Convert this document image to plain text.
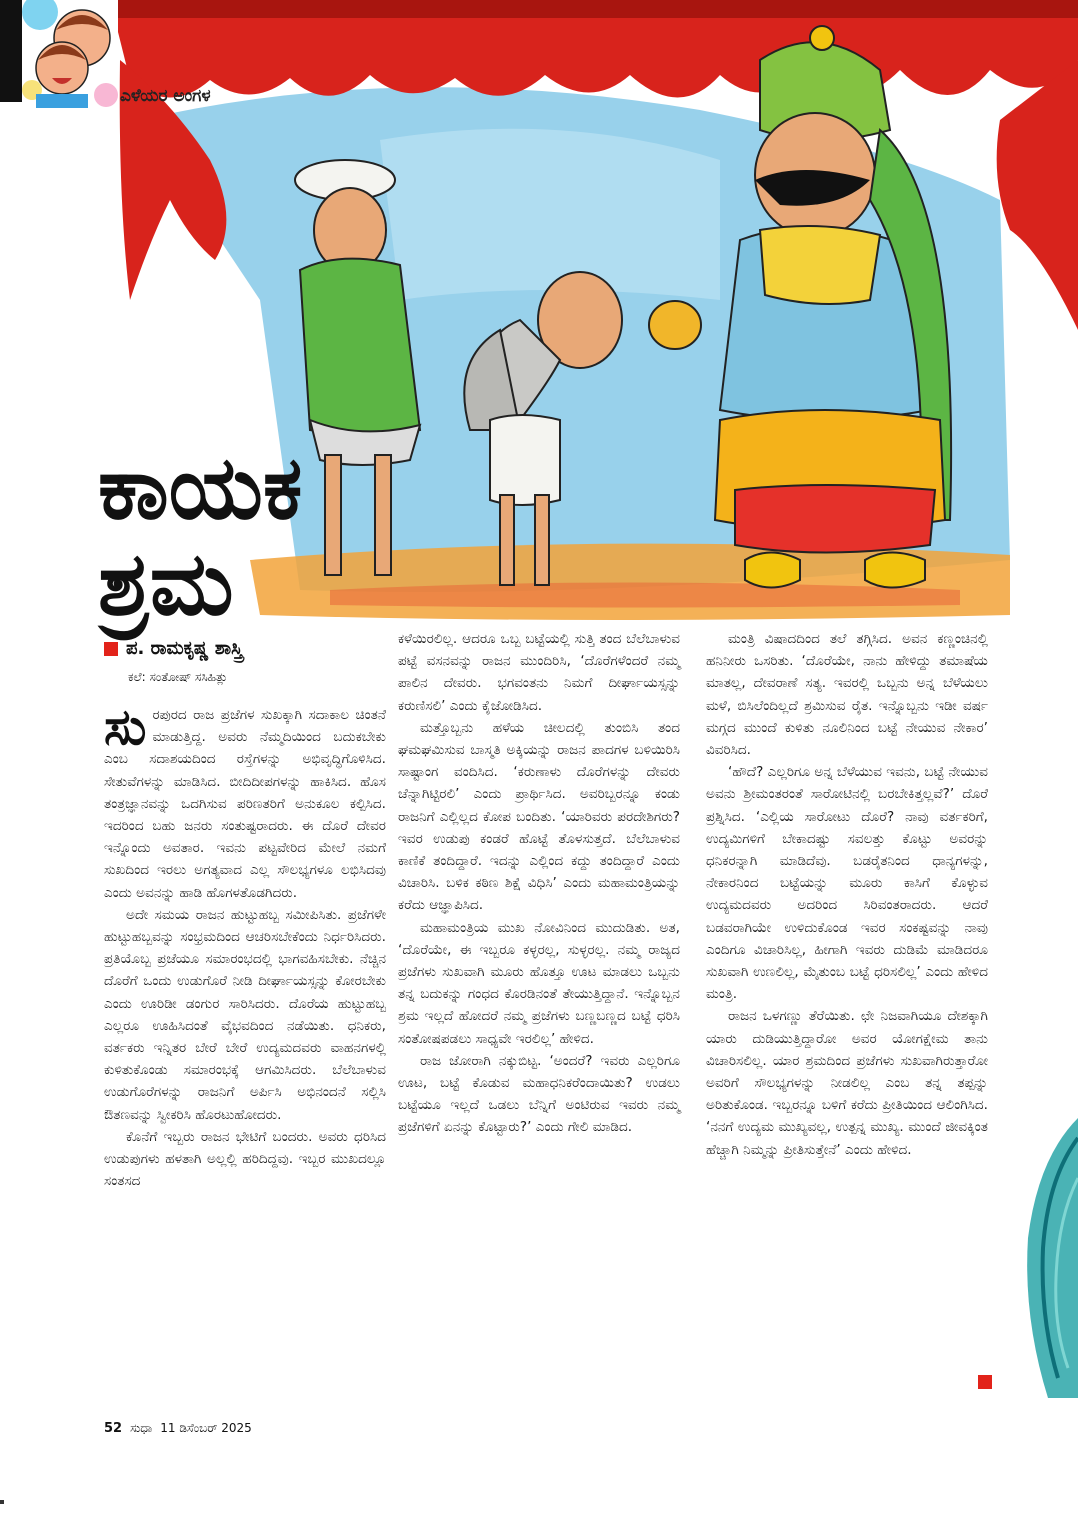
ಎಳೆಯರ ಅಂಗಳ
ಕಾಯಕ
ಶ್ರಮ
ಪ. ರಾಮಕೃಷ್ಣ ಶಾಸ್ತ್ರಿ
ಕಲೆ: ಸಂತೋಷ್ ಸಸಿಹಿತ್ಲು

ಸುರಪುರದ ರಾಜ ಪ್ರಜೆಗಳ ಸುಖಕ್ಕಾಗಿ ಸದಾಕಾಲ ಚಿಂತನೆ ಮಾಡುತ್ತಿದ್ದ. ಅವರು ನೆಮ್ಮದಿಯಿಂದ ಬದುಕಬೇಕು ಎಂಬ ಸದಾಶಯದಿಂದ ರಸ್ತೆಗಳನ್ನು ಅಭಿವೃದ್ಧಿಗೊಳಿಸಿದ. ಸೇತುವೆಗಳನ್ನು ಮಾಡಿಸಿದ. ಬೀದಿದೀಪಗಳನ್ನು ಹಾಕಿಸಿದ. ಹೊಸ ತಂತ್ರಜ್ಞಾನವನ್ನು ಒದಗಿಸುವ ಪರಿಣತರಿಗೆ ಅನುಕೂಲ ಕಲ್ಪಿಸಿದ. ಇದರಿಂದ ಬಹು ಜನರು ಸಂತುಷ್ಟರಾದರು. ಈ ದೊರೆ ದೇವರ ಇನ್ನೊಂದು ಅವತಾರ. ಇವನು ಪಟ್ಟವೇರಿದ ಮೇಲೆ ನಮಗೆ ಸುಖದಿಂದ ಇರಲು ಅಗತ್ಯವಾದ ಎಲ್ಲ ಸೌಲಭ್ಯಗಳೂ ಲಭಿಸಿದವು ಎಂದು ಅವನನ್ನು ಹಾಡಿ ಹೊಗಳತೊಡಗಿದರು.

ಅದೇ ಸಮಯ ರಾಜನ ಹುಟ್ಟುಹಬ್ಬ ಸಮೀಪಿಸಿತು. ಪ್ರಜೆಗಳೇ ಹುಟ್ಟುಹಬ್ಬವನ್ನು ಸಂಭ್ರಮದಿಂದ ಆಚರಿಸಬೇಕೆಂದು ನಿರ್ಧರಿಸಿದರು. ಪ್ರತಿಯೊಬ್ಬ ಪ್ರಜೆಯೂ ಸಮಾರಂಭದಲ್ಲಿ ಭಾಗವಹಿಸಬೇಕು. ನೆಚ್ಚಿನ ದೊರೆಗೆ ಒಂದು ಉಡುಗೊರೆ ನೀಡಿ ದೀರ್ಘಾಯಸ್ಸನ್ನು ಕೋರಬೇಕು ಎಂದು ಊರಿಡೀ ಡಂಗುರ ಸಾರಿಸಿದರು. ದೊರೆಯ ಹುಟ್ಟುಹಬ್ಬ ಎಲ್ಲರೂ ಊಹಿಸಿದಂತೆ ವೈಭವದಿಂದ ನಡೆಯಿತು. ಧನಿಕರು, ವರ್ತಕರು ಇನ್ನಿತರ ಬೇರೆ ಬೇರೆ ಉದ್ಯಮದವರು ವಾಹನಗಳಲ್ಲಿ ಕುಳಿತುಕೊಂಡು ಸಮಾರಂಭಕ್ಕೆ ಆಗಮಿಸಿದರು. ಬೆಲೆಬಾಳುವ ಉಡುಗೊರೆಗಳನ್ನು ರಾಜನಿಗೆ ಅರ್ಪಿಸಿ ಅಭಿನಂದನೆ ಸಲ್ಲಿಸಿ ಔತಣವನ್ನು ಸ್ವೀಕರಿಸಿ ಹೊರಟುಹೋದರು.

ಕೊನೆಗೆ ಇಬ್ಬರು ರಾಜನ ಭೇಟಿಗೆ ಬಂದರು. ಅವರು ಧರಿಸಿದ ಉಡುಪುಗಳು ಹಳತಾಗಿ ಅಲ್ಲಲ್ಲಿ ಹರಿದಿದ್ದವು. ಇಬ್ಬರ ಮುಖದಲ್ಲೂ ಸಂತಸದ

ಕಳೆಯಿರಲಿಲ್ಲ. ಆದರೂ ಒಬ್ಬ ಬಟ್ಟೆಯಲ್ಲಿ ಸುತ್ತಿ ತಂದ ಬೆಲೆಬಾಳುವ ಪಟ್ಟೆ ವಸನವನ್ನು ರಾಜನ ಮುಂದಿರಿಸಿ, ‘ದೊರೆಗಳೆಂದರೆ ನಮ್ಮ ಪಾಲಿನ ದೇವರು. ಭಗವಂತನು ನಿಮಗೆ ದೀರ್ಘಾಯಸ್ಸನ್ನು ಕರುಣಿಸಲಿ’ ಎಂದು ಕೈಜೋಡಿಸಿದ.

ಮತ್ತೊಬ್ಬನು ಹಳೆಯ ಚೀಲದಲ್ಲಿ ತುಂಬಿಸಿ ತಂದ ಘಮಘಮಿಸುವ ಬಾಸ್ಮತಿ ಅಕ್ಕಿಯನ್ನು ರಾಜನ ಪಾದಗಳ ಬಳಿಯಿರಿಸಿ ಸಾಷ್ಟಾಂಗ ವಂದಿಸಿದ. ‘ಕರುಣಾಳು ದೊರೆಗಳನ್ನು ದೇವರು ಚೆನ್ನಾಗಿಟ್ಟಿರಲಿ’ ಎಂದು ಪ್ರಾರ್ಥಿಸಿದ. ಅವರಿಬ್ಬರನ್ನೂ ಕಂಡು ರಾಜನಿಗೆ ಎಲ್ಲಿಲ್ಲದ ಕೋಪ ಬಂದಿತು. ‘ಯಾರಿವರು ಪರದೇಶಿಗರು? ಇವರ ಉಡುಪು ಕಂಡರೆ ಹೊಟ್ಟೆ ತೊಳಸುತ್ತದೆ. ಬೆಲೆಬಾಳುವ ಕಾಣಿಕೆ ತಂದಿದ್ದಾರೆ. ಇದನ್ನು ಎಲ್ಲಿಂದ ಕದ್ದು ತಂದಿದ್ದಾರೆ ಎಂದು ವಿಚಾರಿಸಿ. ಬಳಿಕ ಕಠಿಣ ಶಿಕ್ಷೆ ವಿಧಿಸಿ’ ಎಂದು ಮಹಾಮಂತ್ರಿಯನ್ನು ಕರೆದು ಆಜ್ಞಾಪಿಸಿದ.

ಮಹಾಮಂತ್ರಿಯ ಮುಖ ನೋವಿನಿಂದ ಮುದುಡಿತು. ಅತ, ‘ದೊರೆಯೇ, ಈ ಇಬ್ಬರೂ ಕಳ್ಳರಲ್ಲ, ಸುಳ್ಳರಲ್ಲ. ನಮ್ಮ ರಾಜ್ಯದ ಪ್ರಜೆಗಳು ಸುಖವಾಗಿ ಮೂರು ಹೊತ್ತೂ ಊಟ ಮಾಡಲು ಒಬ್ಬನು ತನ್ನ ಬದುಕನ್ನು ಗಂಧದ ಕೊರಡಿನಂತೆ ತೇಯುತ್ತಿದ್ದಾನೆ. ಇನ್ನೊಬ್ಬನ ಶ್ರಮ ಇಲ್ಲದೆ ಹೋದರೆ ನಮ್ಮ ಪ್ರಜೆಗಳು ಬಣ್ಣಬಣ್ಣದ ಬಟ್ಟೆ ಧರಿಸಿ ಸಂತೋಷಪಡಲು ಸಾಧ್ಯವೇ ಇರಲಿಲ್ಲ’ ಹೇಳಿದ.

ರಾಜ ಜೋರಾಗಿ ನಕ್ಕುಬಿಟ್ಟ. ‘ಅಂದರೆ? ಇವರು ಎಲ್ಲರಿಗೂ ಊಟ, ಬಟ್ಟೆ ಕೊಡುವ ಮಹಾಧನಿಕರೆಂದಾಯಿತು? ಉಡಲು ಬಟ್ಟೆಯೂ ಇಲ್ಲದೆ ಒಡಲು ಬೆನ್ನಿಗೆ ಅಂಟಿರುವ ಇವರು ನಮ್ಮ ಪ್ರಜೆಗಳಿಗೆ ಏನನ್ನು ಕೊಟ್ಟಾರು?’ ಎಂದು ಗೇಲಿ ಮಾಡಿದ.

ಮಂತ್ರಿ ವಿಷಾದದಿಂದ ತಲೆ ತಗ್ಗಿಸಿದ. ಅವನ ಕಣ್ಣಂಚಿನಲ್ಲಿ ಹನಿನೀರು ಒಸರಿತು. ‘ದೊರೆಯೇ, ನಾನು ಹೇಳಿದ್ದು ತಮಾಷೆಯ ಮಾತಲ್ಲ, ದೇವರಾಣೆ ಸತ್ಯ. ಇವರಲ್ಲಿ ಒಬ್ಬನು ಅನ್ನ ಬೆಳೆಯಲು ಮಳೆ, ಬಿಸಿಲೆಂದಿಲ್ಲದೆ ಶ್ರಮಿಸುವ ರೈತ. ಇನ್ನೊಬ್ಬನು ಇಡೀ ವರ್ಷ ಮಗ್ಗದ ಮುಂದೆ ಕುಳಿತು ನೂಲಿನಿಂದ ಬಟ್ಟೆ ನೇಯುವ ನೇಕಾರ’ ವಿವರಿಸಿದ.

‘ಹೌದೆ? ಎಲ್ಲರಿಗೂ ಅನ್ನ ಬೆಳೆಯುವ ಇವನು, ಬಟ್ಟೆ ನೇಯುವ ಅವನು ಶ್ರೀಮಂತರಂತೆ ಸಾರೋಟಿನಲ್ಲಿ ಬರಬೇಕಿತ್ತಲ್ಲವೆ?’ ದೊರೆ ಪ್ರಶ್ನಿಸಿದ. ‘ಎಲ್ಲಿಯ ಸಾರೋಟು ದೊರೆ? ನಾವು ವರ್ತಕರಿಗೆ, ಉದ್ಯಮಿಗಳಿಗೆ ಬೇಕಾದಷ್ಟು ಸವಲತ್ತು ಕೊಟ್ಟು ಅವರನ್ನು ಧನಿಕರನ್ನಾಗಿ ಮಾಡಿದೆವು. ಬಡರೈತನಿಂದ ಧಾನ್ಯಗಳನ್ನು, ನೇಕಾರನಿಂದ ಬಟ್ಟೆಯನ್ನು ಮೂರು ಕಾಸಿಗೆ ಕೊಳ್ಳುವ ಉದ್ಯಮದವರು ಅದರಿಂದ ಸಿರಿವಂತರಾದರು. ಆದರೆ ಬಡವರಾಗಿಯೇ ಉಳಿದುಕೊಂಡ ಇವರ ಸಂಕಷ್ಟವನ್ನು ನಾವು ಎಂದಿಗೂ ವಿಚಾರಿಸಿಲ್ಲ, ಹೀಗಾಗಿ ಇವರು ದುಡಿಮೆ ಮಾಡಿದರೂ ಸುಖವಾಗಿ ಉಣಲಿಲ್ಲ, ಮೈತುಂಬ ಬಟ್ಟೆ ಧರಿಸಲಿಲ್ಲ’ ಎಂದು ಹೇಳಿದ ಮಂತ್ರಿ.

ರಾಜನ ಒಳಗಣ್ಣು ತೆರೆಯಿತು. ಛೇ ನಿಜವಾಗಿಯೂ ದೇಶಕ್ಕಾಗಿ ಯಾರು ದುಡಿಯುತ್ತಿದ್ದಾರೋ ಅವರ ಯೋಗಕ್ಷೇಮ ತಾನು ವಿಚಾರಿಸಲಿಲ್ಲ. ಯಾರ ಶ್ರಮದಿಂದ ಪ್ರಜೆಗಳು ಸುಖವಾಗಿರುತ್ತಾರೋ ಅವರಿಗೆ ಸೌಲಭ್ಯಗಳನ್ನು ನೀಡಲಿಲ್ಲ ಎಂಬ ತನ್ನ ತಪ್ಪನ್ನು ಅರಿತುಕೊಂಡ. ಇಬ್ಬರನ್ನೂ ಬಳಿಗೆ ಕರೆದು ಪ್ರೀತಿಯಿಂದ ಆಲಿಂಗಿಸಿದ. ‘ನನಗೆ ಉದ್ಯಮ ಮುಖ್ಯವಲ್ಲ, ಉತ್ಪನ್ನ ಮುಖ್ಯ. ಮುಂದೆ ಜೀವಕ್ಕಿಂತ ಹೆಚ್ಚಾಗಿ ನಿಮ್ಮನ್ನು ಪ್ರೀತಿಸುತ್ತೇನೆ’ ಎಂದು ಹೇಳಿದ.

52 ಸುಧಾ 11 ಡಿಸೆಂಬರ್ 2025
